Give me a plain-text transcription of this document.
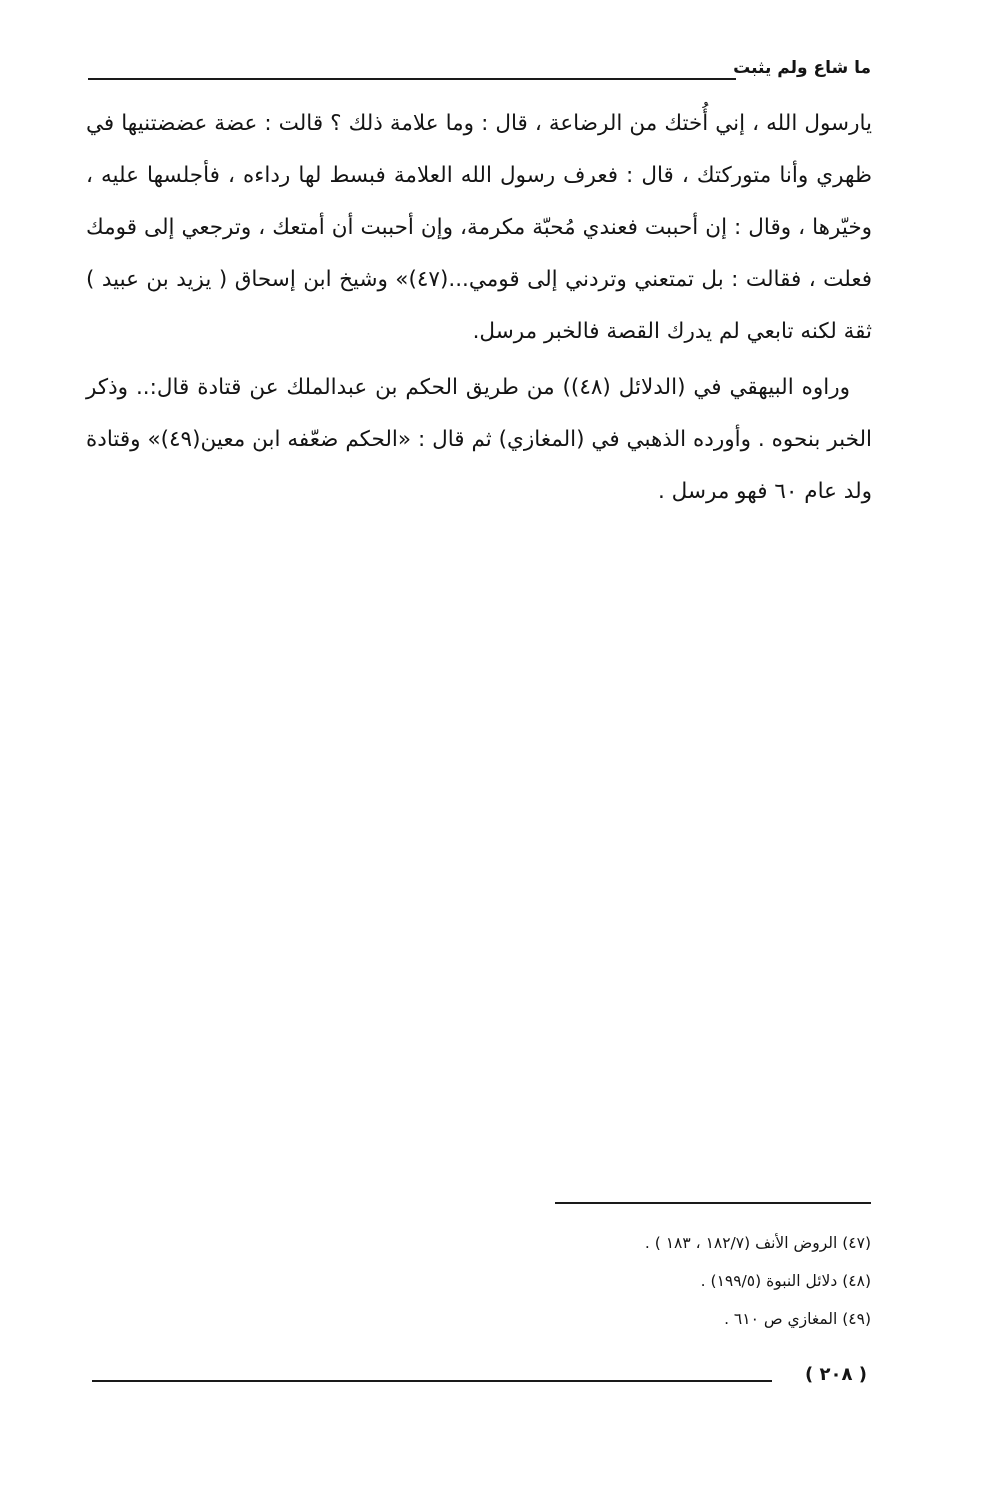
ما شاع ولم يثبت

يارسول الله ، إني أُختك من الرضاعة ، قال : وما علامة ذلك ؟ قالت : عضة عضضتنيها في ظهري وأنا متوركتك ، قال : فعرف رسول الله العلامة فبسط لها رداءه ، فأجلسها عليه ، وخيّرها ، وقال : إن أحببت فعندي مُحبّة مكرمة، وإن أحببت أن أمتعك ، وترجعي إلى قومك فعلت ، فقالت : بل تمتعني وتردني إلى قومي...(٤٧)» وشيخ ابن إسحاق ( يزيد بن عبيد ) ثقة لكنه تابعي لم يدرك القصة فالخبر مرسل.

وراوه البيهقي في (الدلائل (٤٨)) من طريق الحكم بن عبدالملك عن قتادة قال:.. وذكر الخبر بنحوه . وأورده الذهبي في (المغازي) ثم قال : «الحكم ضعّفه ابن معين(٤٩)» وقتادة ولد عام ٦٠ فهو مرسل .

(٤٧) الروض الأنف (١٨٢/٧ ، ١٨٣ ) .
(٤٨) دلائل النبوة (١٩٩/٥) .
(٤٩) المغازي ص ٦١٠ .
( ٢٠٨ )
